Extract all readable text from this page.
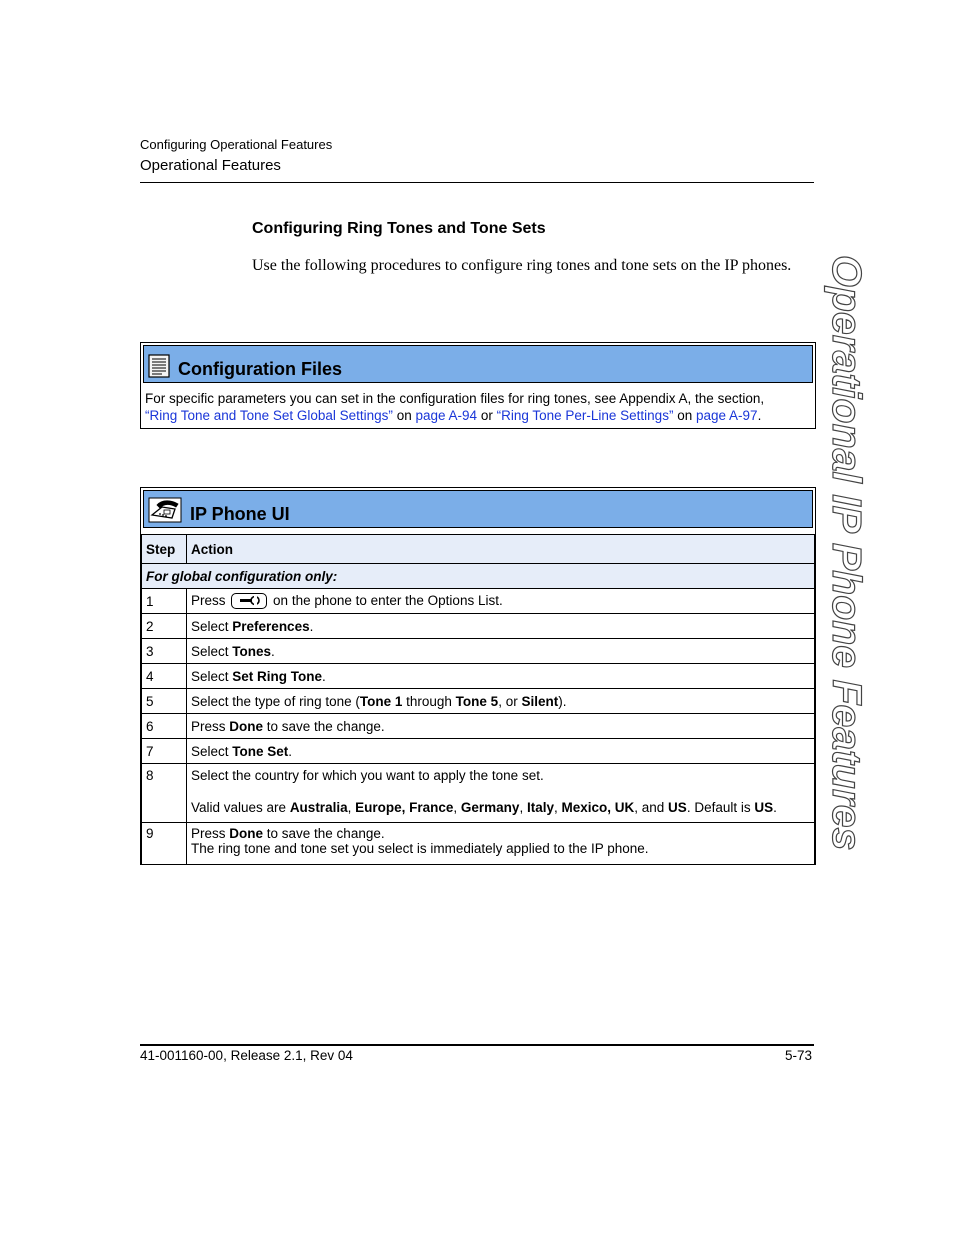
Configuring Operational Features
Operational Features
Configuring Ring Tones and Tone Sets
Use the following procedures to configure ring tones and tone sets on the IP phones.
Configuration Files
For specific parameters you can set in the configuration files for ring tones, see Appendix A, the section,
“Ring Tone and Tone Set Global Settings” on page A-94 or “Ring Tone Per-Line Settings” on page A-97.
IP Phone UI
Step	Action
For global configuration only:	
1	Press on the phone to enter the Options List.
2	Select Preferences.
3	Select Tones.
4	Select Set Ring Tone.
5	Select the type of ring tone (Tone 1 through Tone 5, or Silent).
6	Press Done to save the change.
7	Select Tone Set.
8	Select the country for which you want to apply the tone set.
Valid values are Australia, Europe, France, Germany, Italy, Mexico, UK, and US. Default is US.

9	Press Done to save the change.
The ring tone and tone set you select is immediately applied to the IP phone.	Operational IP Phone Features
41-001160-00, Release 2.1, Rev 04	5-73
